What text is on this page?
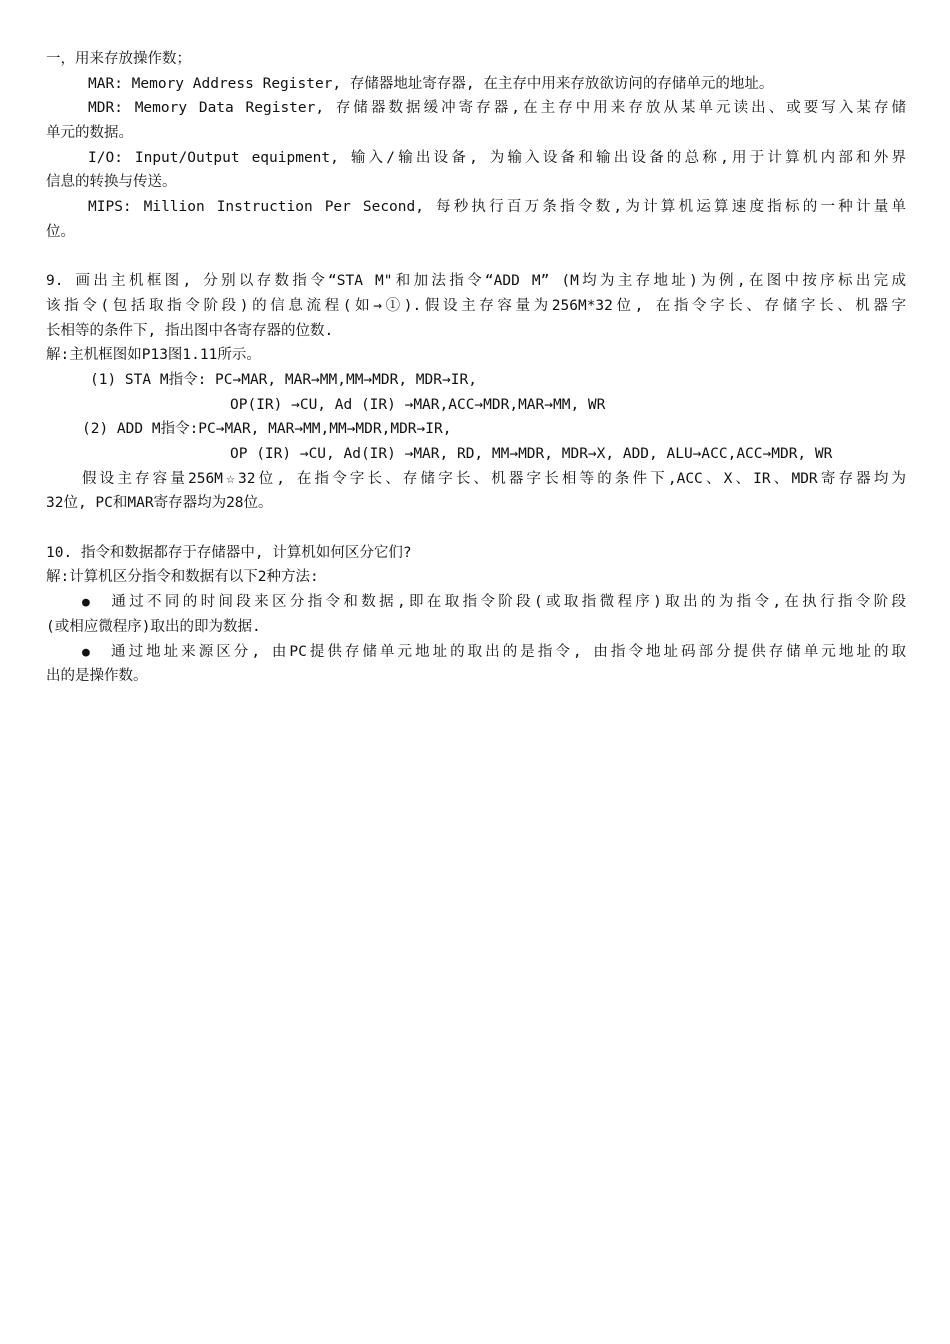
一，用来存放操作数；
MAR: Memory Address Register, 存储器地址寄存器, 在主存中用来存放欲访问的存储单元的地址。
MDR: Memory Data Register, 存储器数据缓冲寄存器,在主存中用来存放从某单元读出、或要写入某存储
单元的数据。
I/O: Input/Output equipment, 输入/输出设备, 为输入设备和输出设备的总称,用于计算机内部和外界
信息的转换与传送。
MIPS: Million Instruction Per Second, 每秒执行百万条指令数,为计算机运算速度指标的一种计量单
位。
9. 画出主机框图, 分别以存数指令“STA M"和加法指令“ADD M” (M均为主存地址)为例,在图中按序标出完成
该指令(包括取指令阶段)的信息流程(如→①).假设主存容量为256M*32位, 在指令字长、存储字长、机器字
长相等的条件下, 指出图中各寄存器的位数.
解:主机框图如P13图1.11所示。
(1) STA M指令: PC→MAR, MAR→MM,MM→MDR, MDR→IR,
OP(IR) →CU, Ad (IR) →MAR,ACC→MDR,MAR→MM, WR
(2) ADD M指令:PC→MAR, MAR→MM,MM→MDR,MDR→IR,
OP (IR) →CU, Ad(IR) →MAR, RD, MM→MDR, MDR→X, ADD, ALU→ACC,ACC→MDR, WR
假设主存容量256M☆32位, 在指令字长、存储字长、机器字长相等的条件下,ACC、X、IR、MDR寄存器均为
32位, PC和MAR寄存器均为28位。
10. 指令和数据都存于存储器中, 计算机如何区分它们?
解:计算机区分指令和数据有以下2种方法:
● 通过不同的时间段来区分指令和数据,即在取指令阶段(或取指微程序)取出的为指令,在执行指令阶段
(或相应微程序)取出的即为数据.
● 通过地址来源区分, 由PC提供存储单元地址的取出的是指令, 由指令地址码部分提供存储单元地址的取
出的是操作数。
